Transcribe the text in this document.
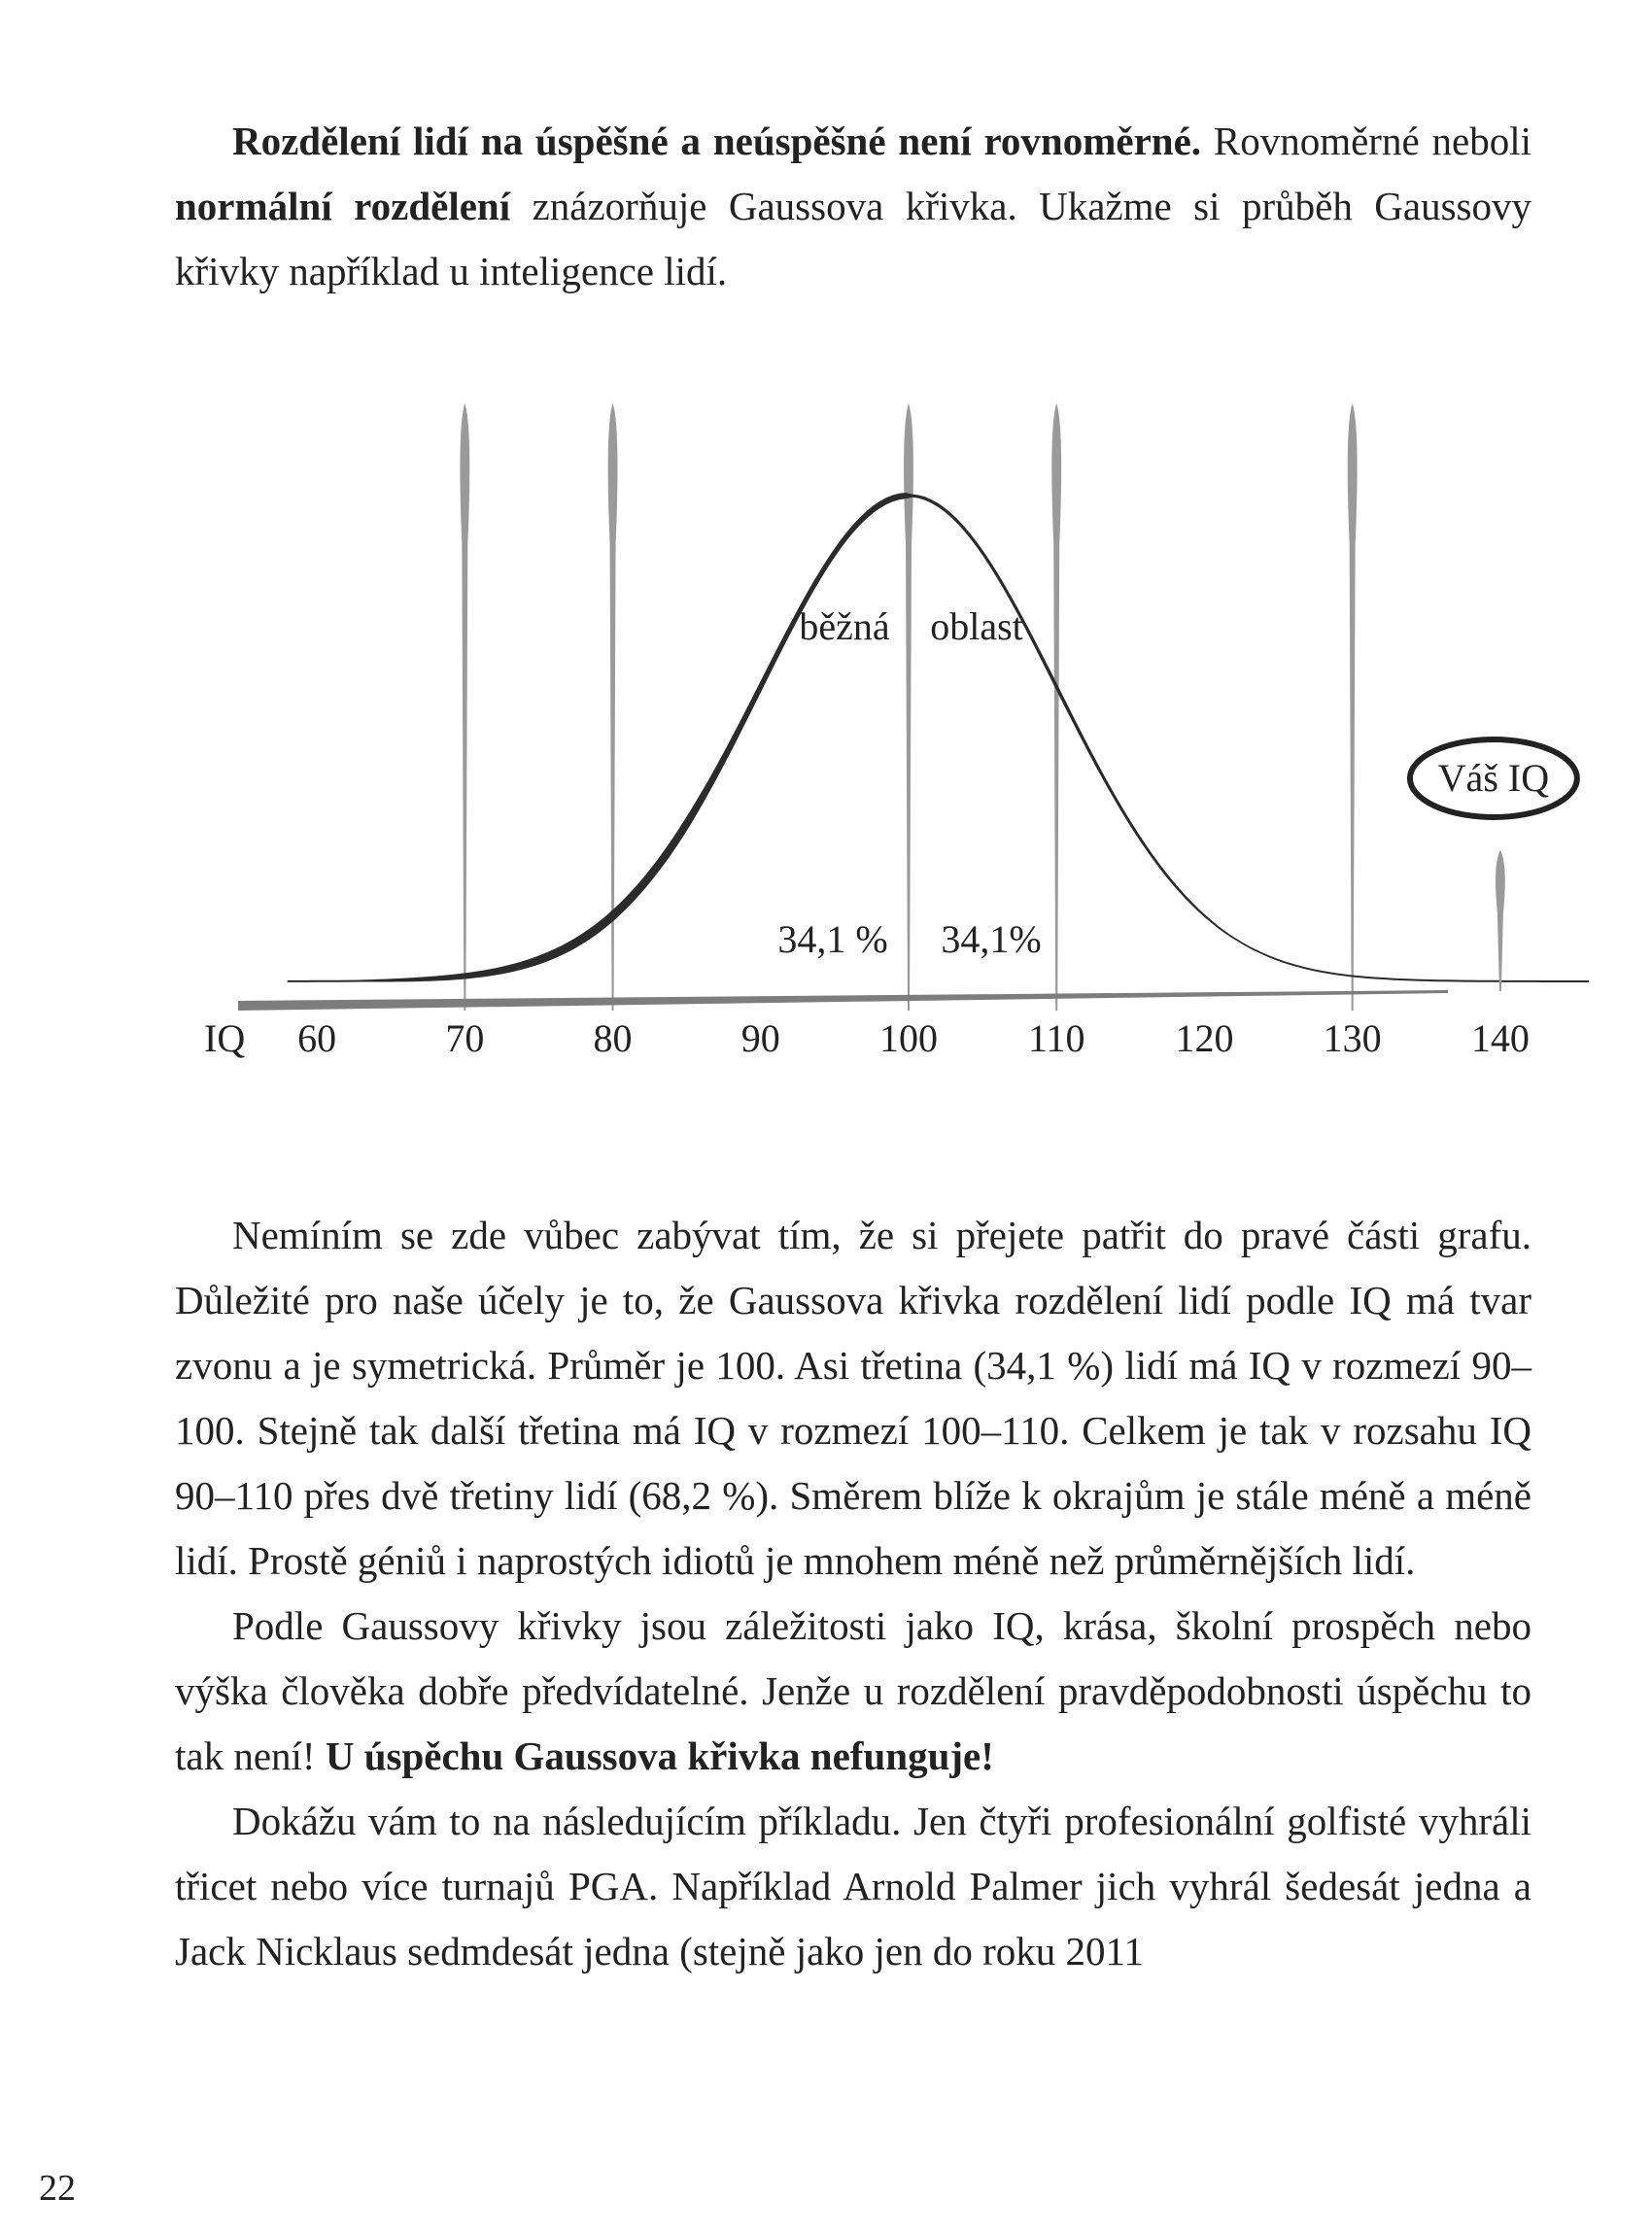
Rozdělení lidí na úspěšné a neúspěšné není rovnoměrné. Rovnoměrné neboli normální rozdělení znázorňuje Gaussova křivka. Ukažme si průběh Gaussovy křivky například u inteligence lidí.

60	70	80	90	100 110 120 130 140
IQ
běžná oblast
34,1 % 34,1%
Váš IQ

Nemíním se zde vůbec zabývat tím, že si přejete patřit do pravé části grafu. Důležité pro naše účely je to, že Gaussova křivka rozdělení lidí podle IQ má tvar zvonu a je symetrická. Průměr je 100. Asi třetina (34,1 %) lidí má IQ v rozmezí 90–100. Stejně tak další třetina má IQ v rozmezí 100–110. Celkem je tak v rozsahu IQ 90–110 přes dvě třetiny lidí (68,2 %). Směrem blíže k okrajům je stále méně a méně lidí. Prostě géniů i naprostých idiotů je mnohem méně než průměrnějších lidí.

Podle Gaussovy křivky jsou záležitosti jako IQ, krása, školní prospěch nebo výška člověka dobře předvídatelné. Jenže u rozdělení pravděpodobnosti úspěchu to tak není! U úspěchu Gaussova křivka nefunguje!

Dokážu vám to na následujícím příkladu. Jen čtyři profesionální golfisté vyhráli třicet nebo více turnajů PGA. Například Arnold Palmer jich vyhrál šedesát jedna a Jack Nicklaus sedmdesát jedna (stejně jako jen do roku 2011

22
